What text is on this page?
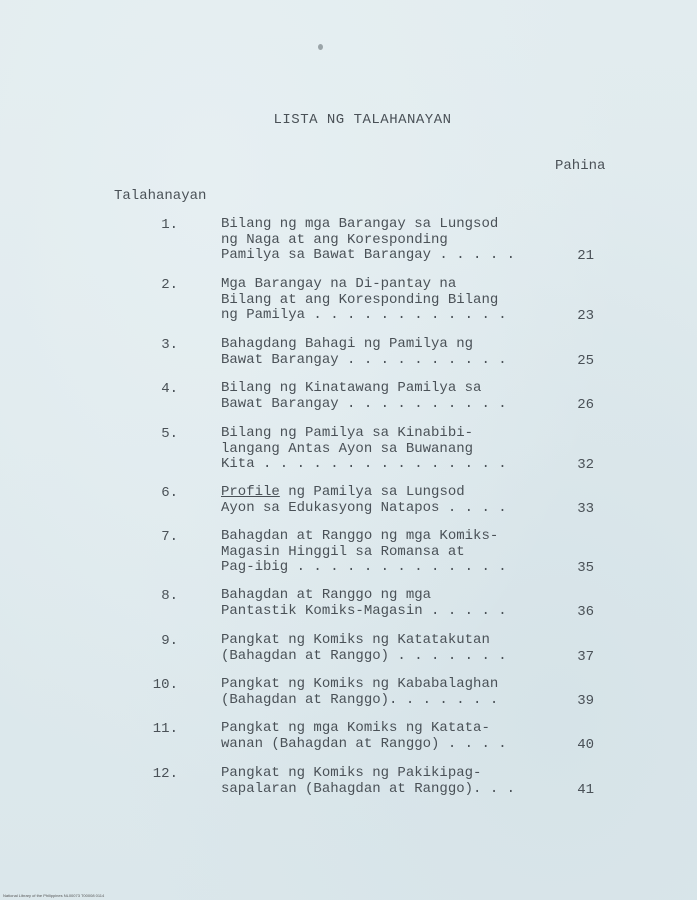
LISTA NG TALAHANAYAN
Pahina
Talahanayan
1.	Bilang ng mga Barangay sa Lungsod
ng Naga at ang Koresponding
Pamilya sa Bawat Barangay . . . . .	21
2.	Mga Barangay na Di-pantay na
Bilang at ang Koresponding Bilang
ng Pamilya . . . . . . . . . . . .	23
3.	Bahagdang Bahagi ng Pamilya ng
Bawat Barangay . . . . . . . . . .	25
4.	Bilang ng Kinatawang Pamilya sa
Bawat Barangay . . . . . . . . . .	26
5.	Bilang ng Pamilya sa Kinabibi-
langang Antas Ayon sa Buwanang
Kita . . . . . . . . . . . . . . .	32
6.	Profile ng Pamilya sa Lungsod
Ayon sa Edukasyong Natapos . . . .	33
7.	Bahagdan at Ranggo ng mga Komiks-
Magasin Hinggil sa Romansa at
Pag-ibig . . . . . . . . . . . . .	35
8.	Bahagdan at Ranggo ng mga
Pantastik Komiks-Magasin . . . . .	36
9.	Pangkat ng Komiks ng Katatakutan
(Bahagdan at Ranggo) . . . . . . .	37
10.	Pangkat ng Komiks ng Kababalaghan
(Bahagdan at Ranggo). . . . . . .	39
11.	Pangkat ng mga Komiks ng Katata-
wanan (Bahagdan at Ranggo) . . . .	40
12.	Pangkat ng Komiks ng Pakikipag-
sapalaran (Bahagdan at Ranggo). . .	41
National Library of the Philippines NL00073 T00008 0114
